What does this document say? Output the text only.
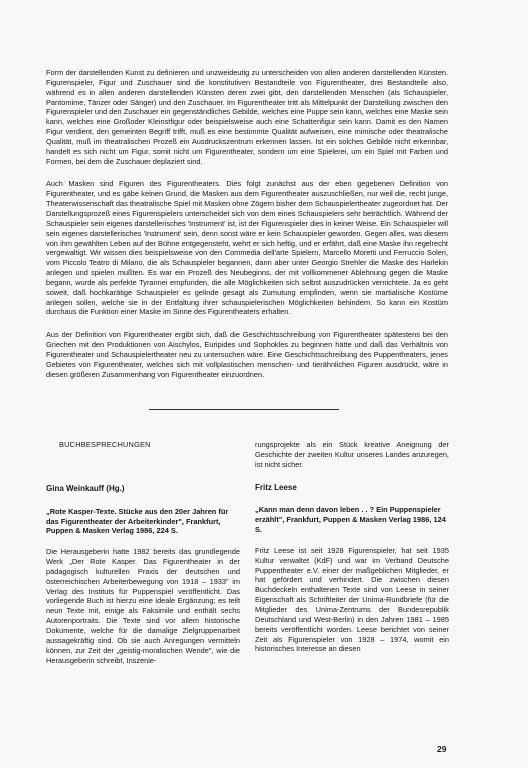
Form der darstellenden Kunst zu definieren und unzweideutig zu unterscheiden von allen anderen darstellenden Künsten. Figurenspieler, Figur und Zuschauer sind die konstitutiven Bestandteile von Figurentheater, drei Bestandteile also, während es in allen anderen darstellenden Künsten deren zwei gibt, den darstellenden Menschen (als Schauspieler, Pantomime, Tänzer oder Sänger) und den Zuschauer. Im Figurentheater tritt als Mittelpunkt der Darstellung zwischen den Figurenspieler und den Zuschauer ein gegenständliches Gebilde, welches eine Puppe sein kann, welches eine Maske sein kann, welches eine Großoder Kleinstfigur oder beispielsweise auch eine Schattenfigur sein kann. Damit es den Namen Figur verdient, den gemeinten Begriff trifft, muß es eine bestimmte Qualität aufweisen, eine mimische oder theatralische Qualität, muß im theatralischen Prozeß ein Ausdruckszentrum erkennen lassen. Ist ein solches Gebilde nicht erkennbar, handelt es sich nicht um Figur, somit nicht um Figurentheater, sondern um eine Spielerei, um ein Spiel mit Farben und Formen, bei dem die Zuschauer deplaziert sind.

Auch Masken sind Figuren des Figurentheaters. Dies folgt zunächst aus der eben gegebenen Definition von Figurentheater, und es gäbe keinen Grund, die Masken aus dem Figurentheater auszuschließen, nur weil die, recht junge, Theaterwissenschaft das theatralische Spiel mit Masken ohne Zögern bisher dem Schauspielertheater zugeordnet hat. Der Darstellungsprozeß eines Figurenspielers unterscheidet sich von dem eines Schauspielers sehr beträchtlich. Während der Schauspieler sein eigenes darstellerisches 'Instrument' ist, ist der Figurenspieler dies in keiner Weise. Ein Schauspieler will sein eigenes darstellerisches 'Instrument' sein, denn sonst wäre er kein Schauspieler geworden. Gegen alles, was diesem von ihm gewählten Leben auf der Bühne entgegensteht, wehrt er sich heftig, und er erfährt, daß eine Maske ihn regelrecht vergewaltigt. Wir wissen dies beispielsweise von den Commedia dell'arte Spielern, Marcello Moretti und Ferruccio Soleri, vom Piccolo Teatro di Milano, die als Schauspieler begannen, dann aber unter Georgio Strehler die Maske des Harlekin anlegen und spielen mußten. Es war ein Prozeß des Neubeginns, der mit vollkommener Ablehnung gegen die Maske begann, wurde als perfekte Tyrannei empfunden, die alle Möglichkeiten sich selbst auszudrücken vernichtete. Ja es geht soweit, daß hochkarätige Schauspieler es gelinde gesagt als Zumutung empfinden, wenn sie martialische Kostüme anlegen sollen, welche sie in der Entfaltung ihrer schauspielerischen Möglichkeiten behindern. So kann ein Kostüm durchaus die Funktion einer Maske im Sinne des Figurentheaters erhalten.

Aus der Definition von Figurentheater ergibt sich, daß die Geschichtsschreibung von Figurentheater spätestens bei den Griechen mit den Produktionen von Aischylos, Euripides und Sophokles zu beginnen hätte und daß das Verhältnis von Figurentheater und Schauspielertheater neu zu untersuchen wäre. Eine Geschichtsschreibung des Puppentheaters, jenes Gebietes von Figurentheater, welches sich mit vollplastischen menschen- und tierähnlichen Figuren ausdrückt, wäre in diesen größeren Zusammenhang von Figurentheater einzuordnen.

BUCHBESPRECHUNGEN
Gina Weinkauff (Hg.)
„Rote Kasper-Texte. Stücke aus den 20er Jahren für das Figurentheater der Arbeiterkinder", Frankfurt, Puppen & Masken Verlag 1986, 224 S.
Die Herausgeberin hatte 1982 bereits das grundlegende Werk „Der Rote Kasper. Das Figurentheater in der pädagogisch kulturellen Praxis der deutschen und österreichischen Arbeiterbewegung von 1918 – 1933" im Verlag des Instituts für Puppenspiel veröffentlicht. Das vorliegende Buch ist hierzu eine ideale Ergänzung; es teilt neun Texte mit, einige als Faksimile und enthält sechs Autorenportraits. Die Texte sind vor allem historische Dokumente, welche für die damalige Zielgruppenarbeit aussagekräftig sind. Ob sie auch Anregungen vermitteln können, zur Zeit der „geistig-moralischen Wende", wie die Herausgeberin schreibt, Inszenie-
rungsprojekte als ein Stück kreative Aneignung der Geschichte der zweiten Kultur unseres Landes anzuregen, ist nicht sicher.
Fritz Leese
„Kann man denn davon leben . . ? Ein Puppenspieler erzählt", Frankfurt, Puppen & Masken Verlag 1986, 124 S.
Fritz Leese ist seit 1928 Figurenspieler, hat seit 1935 Kultur verwaltet (KdF) und war im Verband Deutsche Puppentheater e.V. einer der maßgeblichen Mitglieder, er hat gefördert und verhindert. Die zwischen diesen Buchdeckeln enthaltenen Texte sind von Leese in seiner Eigenschaft als Schriftleiter der Unima-Rundbriefe (für die Mitglieder des Unima-Zentrums der Bundesrepublik Deutschland und West-Berlin) in den Jahren 1981 – 1985 bereits veröffentlicht worden. Leese berichtet von seiner Zeit als Figurenspieler von 1928 – 1974, womit ein historisches Interesse an diesen
29
